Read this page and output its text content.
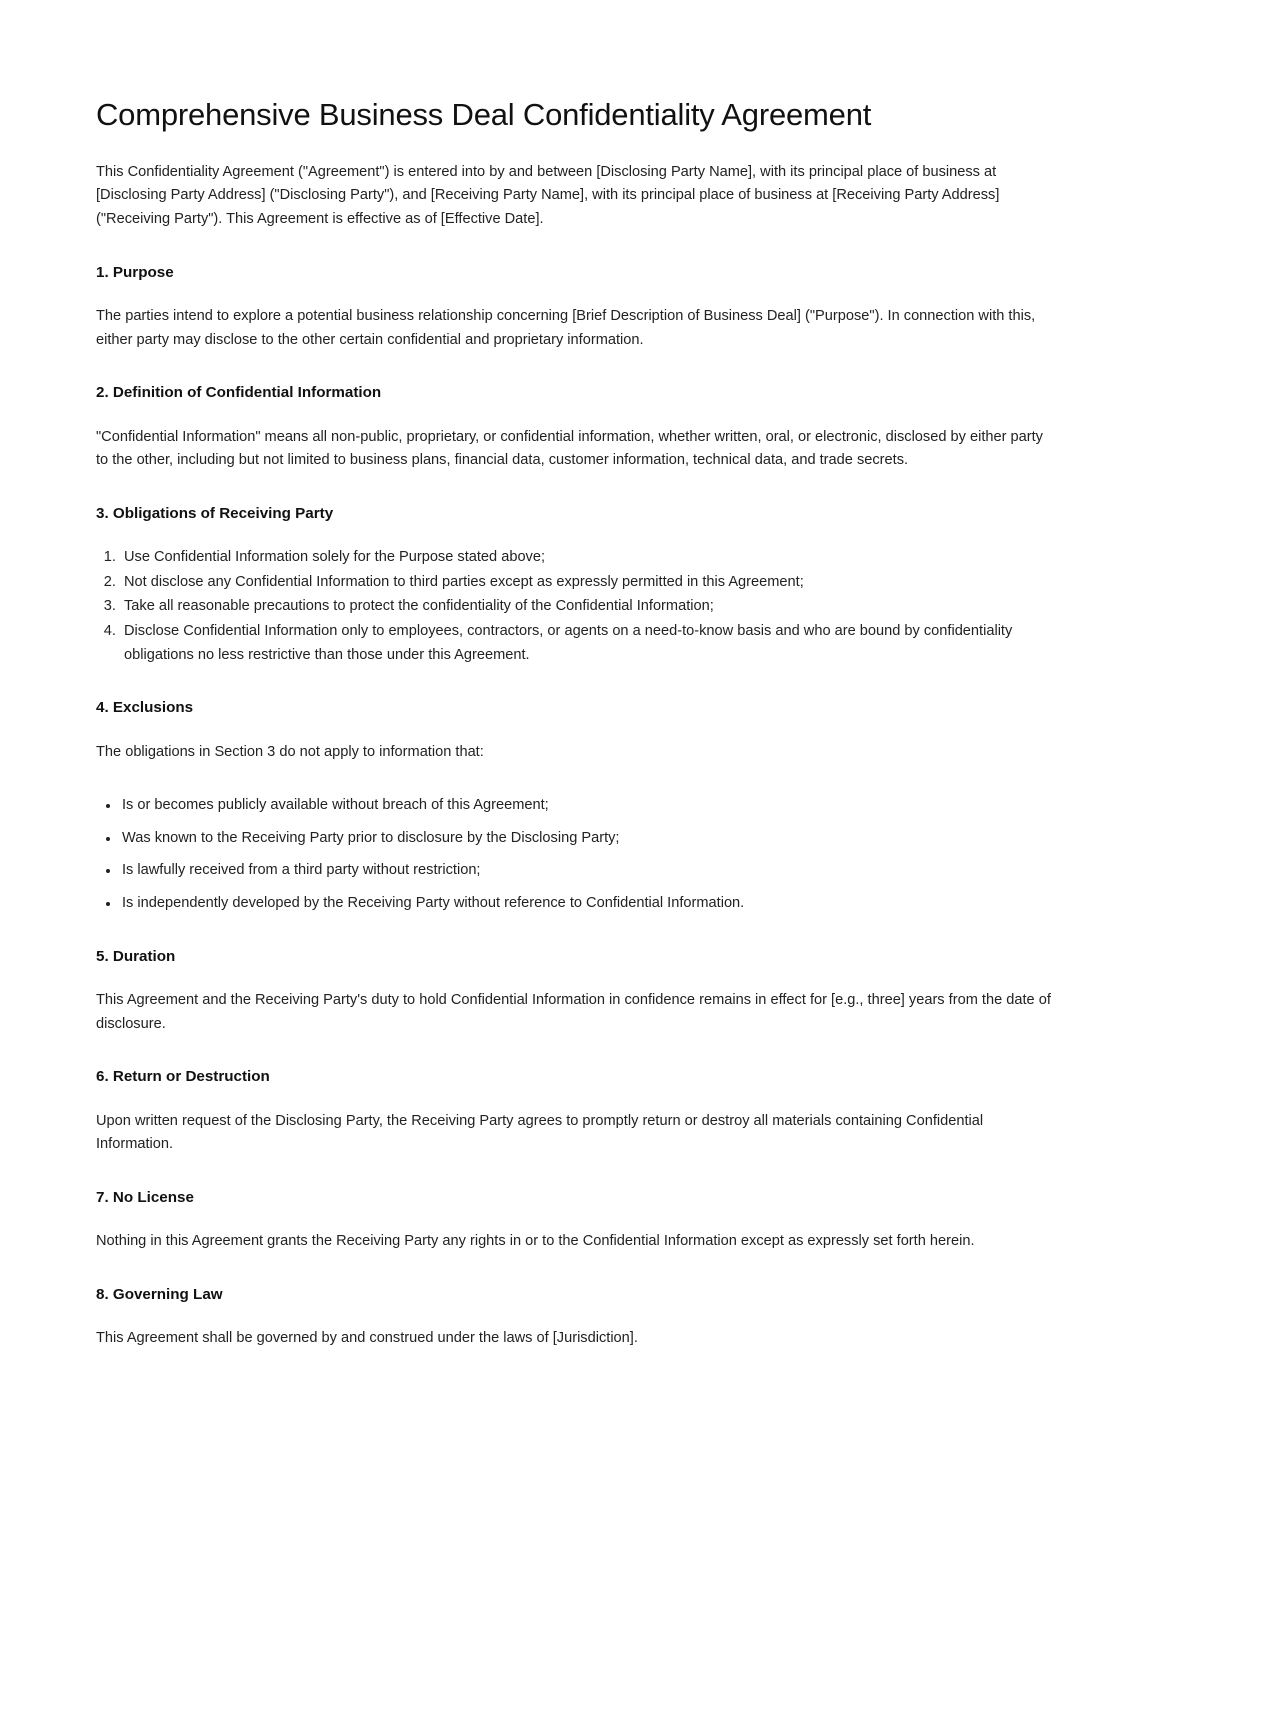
Comprehensive Business Deal Confidentiality Agreement

This Confidentiality Agreement ("Agreement") is entered into by and between [Disclosing Party Name], with its principal place of business at [Disclosing Party Address] ("Disclosing Party"), and [Receiving Party Name], with its principal place of business at [Receiving Party Address] ("Receiving Party"). This Agreement is effective as of [Effective Date].

1. Purpose

The parties intend to explore a potential business relationship concerning [Brief Description of Business Deal] ("Purpose"). In connection with this, either party may disclose to the other certain confidential and proprietary information.

2. Definition of Confidential Information

"Confidential Information" means all non-public, proprietary, or confidential information, whether written, oral, or electronic, disclosed by either party to the other, including but not limited to business plans, financial data, customer information, technical data, and trade secrets.

3. Obligations of Receiving Party
1. Use Confidential Information solely for the Purpose stated above;
2. Not disclose any Confidential Information to third parties except as expressly permitted in this Agreement;
3. Take all reasonable precautions to protect the confidentiality of the Confidential Information;
4. Disclose Confidential Information only to employees, contractors, or agents on a need-to-know basis and who are bound by confidentiality obligations no less restrictive than those under this Agreement.
4. Exclusions

The obligations in Section 3 do not apply to information that:

Is or becomes publicly available without breach of this Agreement;
Was known to the Receiving Party prior to disclosure by the Disclosing Party;
Is lawfully received from a third party without restriction;
Is independently developed by the Receiving Party without reference to Confidential Information.
5. Duration

This Agreement and the Receiving Party's duty to hold Confidential Information in confidence remains in effect for [e.g., three] years from the date of disclosure.

6. Return or Destruction

Upon written request of the Disclosing Party, the Receiving Party agrees to promptly return or destroy all materials containing Confidential Information.

7. No License

Nothing in this Agreement grants the Receiving Party any rights in or to the Confidential Information except as expressly set forth herein.

8. Governing Law

This Agreement shall be governed by and construed under the laws of [Jurisdiction].
